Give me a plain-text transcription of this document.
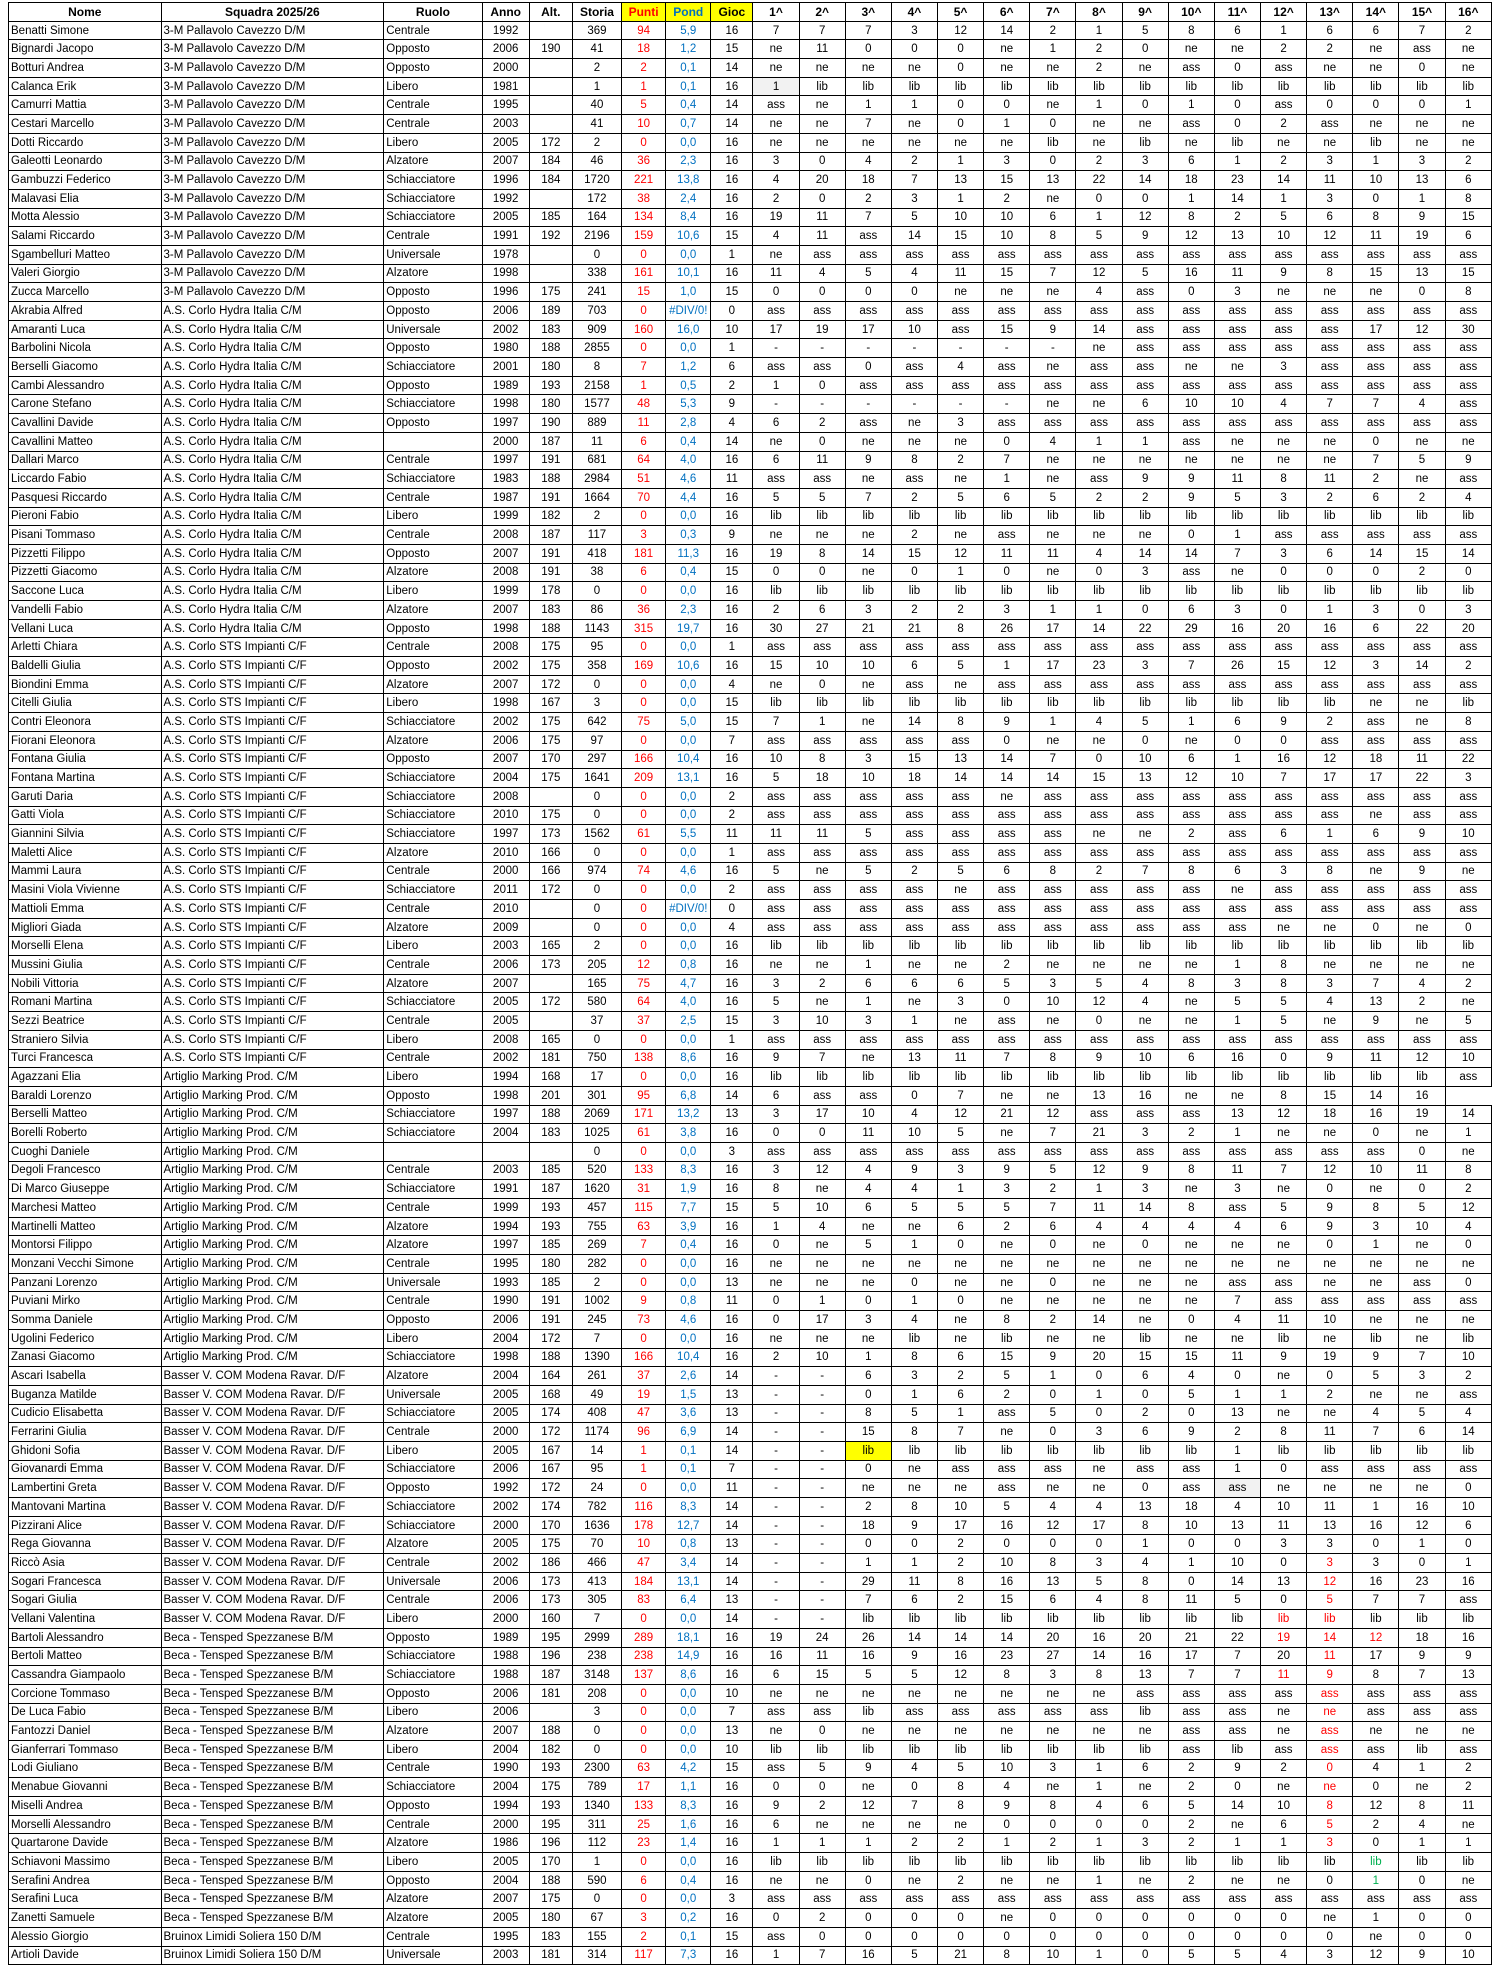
Nome	Squadra 2025/26	Ruolo	Anno	Alt.	Storia	Punti	Pond	Gioc	1^	2^	3^	4^	5^	6^	7^	8^	9^	10^	11^	12^	13^	14^	15^	16^
Benatti Simone	3-M Pallavolo Cavezzo D/M	Centrale	1992		369	94	5,9	16	7	7	7	3	12	14	2	1	5	8	6	1	6	6	7	2
Bignardi Jacopo	3-M Pallavolo Cavezzo D/M	Opposto	2006	190	41	18	1,2	15	ne	11	0	0	0	ne	1	2	0	ne	ne	2	2	ne	ass	ne
Botturi Andrea	3-M Pallavolo Cavezzo D/M	Opposto	2000		2	2	0,1	14	ne	ne	ne	ne	0	ne	ne	2	ne	ass	0	ass	ne	ne	0	ne
Calanca Erik	3-M Pallavolo Cavezzo D/M	Libero	1981		1	1	0,1	16	1	lib	lib	lib	lib	lib	lib	lib	lib	lib	lib	lib	lib	lib	lib	lib
Camurri Mattia	3-M Pallavolo Cavezzo D/M	Centrale	1995		40	5	0,4	14	ass	ne	1	1	0	0	ne	1	0	1	0	ass	0	0	0	1
Cestari Marcello	3-M Pallavolo Cavezzo D/M	Centrale	2003		41	10	0,7	14	ne	ne	7	ne	0	1	0	ne	ne	ass	0	2	ass	ne	ne	ne
Dotti Riccardo	3-M Pallavolo Cavezzo D/M	Libero	2005	172	2	0	0,0	16	ne	ne	ne	ne	ne	ne	lib	ne	lib	ne	lib	ne	ne	lib	ne	ne
Galeotti Leonardo	3-M Pallavolo Cavezzo D/M	Alzatore	2007	184	46	36	2,3	16	3	0	4	2	1	3	0	2	3	6	1	2	3	1	3	2
Gambuzzi Federico	3-M Pallavolo Cavezzo D/M	Schiacciatore	1996	184	1720	221	13,8	16	4	20	18	7	13	15	13	22	14	18	23	14	11	10	13	6
Malavasi Elia	3-M Pallavolo Cavezzo D/M	Schiacciatore	1992		172	38	2,4	16	2	0	2	3	1	2	ne	0	0	1	14	1	3	0	1	8
Motta Alessio	3-M Pallavolo Cavezzo D/M	Schiacciatore	2005	185	164	134	8,4	16	19	11	7	5	10	10	6	1	12	8	2	5	6	8	9	15
Salami Riccardo	3-M Pallavolo Cavezzo D/M	Centrale	1991	192	2196	159	10,6	15	4	11	ass	14	15	10	8	5	9	12	13	10	12	11	19	6
Sgambelluri Matteo	3-M Pallavolo Cavezzo D/M	Universale	1978		0	0	0,0	1	ne	ass	ass	ass	ass	ass	ass	ass	ass	ass	ass	ass	ass	ass	ass	ass
Valeri Giorgio	3-M Pallavolo Cavezzo D/M	Alzatore	1998		338	161	10,1	16	11	4	5	4	11	15	7	12	5	16	11	9	8	15	13	15
Zucca Marcello	3-M Pallavolo Cavezzo D/M	Opposto	1996	175	241	15	1,0	15	0	0	0	0	ne	ne	ne	4	ass	0	3	ne	ne	ne	0	8
Akrabia Alfred	A.S. Corlo Hydra Italia C/M	Opposto	2006	189	703	0	#DIV/0!	0	ass	ass	ass	ass	ass	ass	ass	ass	ass	ass	ass	ass	ass	ass	ass	ass
Amaranti Luca	A.S. Corlo Hydra Italia C/M	Universale	2002	183	909	160	16,0	10	17	19	17	10	ass	15	9	14	ass	ass	ass	ass	ass	17	12	30
Barbolini Nicola	A.S. Corlo Hydra Italia C/M	Opposto	1980	188	2855	0	0,0	1	-	-	-	-	-	-	-	ne	ass	ass	ass	ass	ass	ass	ass	ass
Berselli Giacomo	A.S. Corlo Hydra Italia C/M	Schiacciatore	2001	180	8	7	1,2	6	ass	ass	0	ass	4	ass	ne	ass	ass	ne	ne	3	ass	ass	ass	ass
Cambi Alessandro	A.S. Corlo Hydra Italia C/M	Opposto	1989	193	2158	1	0,5	2	1	0	ass	ass	ass	ass	ass	ass	ass	ass	ass	ass	ass	ass	ass	ass
Carone Stefano	A.S. Corlo Hydra Italia C/M	Schiacciatore	1998	180	1577	48	5,3	9	-	-	-	-	-	-	ne	ne	6	10	10	4	7	7	4	ass
Cavallini Davide	A.S. Corlo Hydra Italia C/M	Opposto	1997	190	889	11	2,8	4	6	2	ass	ne	3	ass	ass	ass	ass	ass	ass	ass	ass	ass	ass	ass
Cavallini Matteo	A.S. Corlo Hydra Italia C/M		2000	187	11	6	0,4	14	ne	0	ne	ne	ne	0	4	1	1	ass	ne	ne	ne	0	ne	ne
Dallari Marco	A.S. Corlo Hydra Italia C/M	Centrale	1997	191	681	64	4,0	16	6	11	9	8	2	7	ne	ne	ne	ne	ne	ne	ne	7	5	9
Liccardo Fabio	A.S. Corlo Hydra Italia C/M	Schiacciatore	1983	188	2984	51	4,6	11	ass	ass	ne	ass	ne	1	ne	ass	9	9	11	8	11	2	ne	ass
Pasquesi Riccardo	A.S. Corlo Hydra Italia C/M	Centrale	1987	191	1664	70	4,4	16	5	5	7	2	5	6	5	2	2	9	5	3	2	6	2	4
Pieroni Fabio	A.S. Corlo Hydra Italia C/M	Libero	1999	182	2	0	0,0	16	lib	lib	lib	lib	lib	lib	lib	lib	lib	lib	lib	lib	lib	lib	lib	lib
Pisani Tommaso	A.S. Corlo Hydra Italia C/M	Centrale	2008	187	117	3	0,3	9	ne	ne	ne	2	ne	ass	ne	ne	ne	0	1	ass	ass	ass	ass	ass
Pizzetti Filippo	A.S. Corlo Hydra Italia C/M	Opposto	2007	191	418	181	11,3	16	19	8	14	15	12	11	11	4	14	14	7	3	6	14	15	14
Pizzetti Giacomo	A.S. Corlo Hydra Italia C/M	Alzatore	2008	191	38	6	0,4	15	0	0	ne	0	1	0	ne	0	3	ass	ne	0	0	0	2	0
Saccone Luca	A.S. Corlo Hydra Italia C/M	Libero	1999	178	0	0	0,0	16	lib	lib	lib	lib	lib	lib	lib	lib	lib	lib	lib	lib	lib	lib	lib	lib
Vandelli Fabio	A.S. Corlo Hydra Italia C/M	Alzatore	2007	183	86	36	2,3	16	2	6	3	2	2	3	1	1	0	6	3	0	1	3	0	3
Vellani Luca	A.S. Corlo Hydra Italia C/M	Opposto	1998	188	1143	315	19,7	16	30	27	21	21	8	26	17	14	22	29	16	20	16	6	22	20
Arletti Chiara	A.S. Corlo STS Impianti C/F	Centrale	2008	175	95	0	0,0	1	ass	ass	ass	ass	ass	ass	ass	ass	ass	ass	ass	ass	ass	ass	ass	ass
Baldelli Giulia	A.S. Corlo STS Impianti C/F	Opposto	2002	175	358	169	10,6	16	15	10	10	6	5	1	17	23	3	7	26	15	12	3	14	2
Biondini Emma	A.S. Corlo STS Impianti C/F	Alzatore	2007	172	0	0	0,0	4	ne	0	ne	ass	ne	ass	ass	ass	ass	ass	ass	ass	ass	ass	ass	ass
Citelli Giulia	A.S. Corlo STS Impianti C/F	Libero	1998	167	3	0	0,0	15	lib	lib	lib	lib	lib	lib	lib	lib	lib	lib	lib	lib	lib	ne	ne	lib
Contri Eleonora	A.S. Corlo STS Impianti C/F	Schiacciatore	2002	175	642	75	5,0	15	7	1	ne	14	8	9	1	4	5	1	6	9	2	ass	ne	8
Fiorani Eleonora	A.S. Corlo STS Impianti C/F	Alzatore	2006	175	97	0	0,0	7	ass	ass	ass	ass	ass	0	ne	ne	0	ne	0	0	ass	ass	ass	ass
Fontana Giulia	A.S. Corlo STS Impianti C/F	Opposto	2007	170	297	166	10,4	16	10	8	3	15	13	14	7	0	10	6	1	16	12	18	11	22
Fontana Martina	A.S. Corlo STS Impianti C/F	Schiacciatore	2004	175	1641	209	13,1	16	5	18	10	18	14	14	14	15	13	12	10	7	17	17	22	3
Garuti Daria	A.S. Corlo STS Impianti C/F	Schiacciatore	2008		0	0	0,0	2	ass	ass	ass	ass	ass	ne	ass	ass	ass	ass	ass	ass	ass	ass	ass	ass
Gatti Viola	A.S. Corlo STS Impianti C/F	Schiacciatore	2010	175	0	0	0,0	2	ass	ass	ass	ass	ass	ass	ass	ass	ass	ass	ass	ass	ass	ne	ass	ass
Giannini Silvia	A.S. Corlo STS Impianti C/F	Schiacciatore	1997	173	1562	61	5,5	11	11	11	5	ass	ass	ass	ass	ne	ne	2	ass	6	1	6	9	10
Maletti Alice	A.S. Corlo STS Impianti C/F	Alzatore	2010	166	0	0	0,0	1	ass	ass	ass	ass	ass	ass	ass	ass	ass	ass	ass	ass	ass	ass	ass	ass
Mammi Laura	A.S. Corlo STS Impianti C/F	Centrale	2000	166	974	74	4,6	16	5	ne	5	2	5	6	8	2	7	8	6	3	8	ne	9	ne
Masini Viola Vivienne	A.S. Corlo STS Impianti C/F	Schiacciatore	2011	172	0	0	0,0	2	ass	ass	ass	ass	ne	ass	ass	ass	ass	ass	ne	ass	ass	ass	ass	ass
Mattioli Emma	A.S. Corlo STS Impianti C/F	Centrale	2010		0	0	#DIV/0!	0	ass	ass	ass	ass	ass	ass	ass	ass	ass	ass	ass	ass	ass	ass	ass	ass
Migliori Giada	A.S. Corlo STS Impianti C/F	Alzatore	2009		0	0	0,0	4	ass	ass	ass	ass	ass	ass	ass	ass	ass	ass	ass	ne	ne	0	ne	0
Morselli Elena	A.S. Corlo STS Impianti C/F	Libero	2003	165	2	0	0,0	16	lib	lib	lib	lib	lib	lib	lib	lib	lib	lib	lib	lib	lib	lib	lib	lib
Mussini Giulia	A.S. Corlo STS Impianti C/F	Centrale	2006	173	205	12	0,8	16	ne	ne	1	ne	ne	2	ne	ne	ne	ne	1	8	ne	ne	ne	ne
Nobili Vittoria	A.S. Corlo STS Impianti C/F	Alzatore	2007		165	75	4,7	16	3	2	6	6	6	5	3	5	4	8	3	8	3	7	4	2
Romani Martina	A.S. Corlo STS Impianti C/F	Schiacciatore	2005	172	580	64	4,0	16	5	ne	1	ne	3	0	10	12	4	ne	5	5	4	13	2	ne
Sezzi Beatrice	A.S. Corlo STS Impianti C/F	Centrale	2005		37	37	2,5	15	3	10	3	1	ne	ass	ne	0	ne	ne	1	5	ne	9	ne	5
Straniero Silvia	A.S. Corlo STS Impianti C/F	Libero	2008	165	0	0	0,0	1	ass	ass	ass	ass	ass	ass	ass	ass	ass	ass	ass	ass	ass	ass	ass	ass
Turci Francesca	A.S. Corlo STS Impianti C/F	Centrale	2002	181	750	138	8,6	16	9	7	ne	13	11	7	8	9	10	6	16	0	9	11	12	10
Agazzani Elia	Artiglio Marking Prod. C/M	Libero	1994	168	17	0	0,0	16	lib	lib	lib	lib	lib	lib	lib	lib	lib	lib	lib	lib	lib	lib	lib	ass
Baraldi Lorenzo	Artiglio Marking Prod. C/M	Opposto	1998	201	301	95	6,8	14	6	ass	ass	0	7	ne	ne	13	16	ne	ne	8	15	14	16	
Berselli Matteo	Artiglio Marking Prod. C/M	Schiacciatore	1997	188	2069	171	13,2	13	3	17	10	4	12	21	12	ass	ass	ass	13	12	18	16	19	14
Borelli Roberto	Artiglio Marking Prod. C/M	Schiacciatore	2004	183	1025	61	3,8	16	0	0	11	10	5	ne	7	21	3	2	1	ne	ne	0	ne	1
Cuoghi Daniele	Artiglio Marking Prod. C/M				0	0	0,0	3	ass	ass	ass	ass	ass	ass	ass	ass	ass	ass	ass	ass	ass	ass	0	ne
Degoli Francesco	Artiglio Marking Prod. C/M	Centrale	2003	185	520	133	8,3	16	3	12	4	9	3	9	5	12	9	8	11	7	12	10	11	8
Di Marco Giuseppe	Artiglio Marking Prod. C/M	Schiacciatore	1991	187	1620	31	1,9	16	8	ne	4	4	1	3	2	1	3	ne	3	ne	0	ne	0	2
Marchesi Matteo	Artiglio Marking Prod. C/M	Centrale	1999	193	457	115	7,7	15	5	10	6	5	5	5	7	11	14	8	ass	5	9	8	5	12
Martinelli Matteo	Artiglio Marking Prod. C/M	Alzatore	1994	193	755	63	3,9	16	1	4	ne	ne	6	2	6	4	4	4	4	6	9	3	10	4
Montorsi Filippo	Artiglio Marking Prod. C/M	Alzatore	1997	185	269	7	0,4	16	0	ne	5	1	0	ne	0	ne	0	ne	ne	ne	0	1	ne	0
Monzani Vecchi Simone	Artiglio Marking Prod. C/M	Centrale	1995	180	282	0	0,0	16	ne	ne	ne	ne	ne	ne	ne	ne	ne	ne	ne	ne	ne	ne	ne	ne
Panzani Lorenzo	Artiglio Marking Prod. C/M	Universale	1993	185	2	0	0,0	13	ne	ne	ne	0	ne	ne	0	ne	ne	ne	ass	ass	ne	ne	ass	0
Puviani Mirko	Artiglio Marking Prod. C/M	Centrale	1990	191	1002	9	0,8	11	0	1	0	1	0	ne	ne	ne	ne	ne	7	ass	ass	ass	ass	ass
Somma Daniele	Artiglio Marking Prod. C/M	Opposto	2006	191	245	73	4,6	16	0	17	3	4	ne	8	2	14	ne	0	4	11	10	ne	ne	ne
Ugolini Federico	Artiglio Marking Prod. C/M	Libero	2004	172	7	0	0,0	16	ne	ne	ne	lib	ne	lib	ne	ne	lib	ne	ne	lib	ne	lib	ne	lib
Zanasi Giacomo	Artiglio Marking Prod. C/M	Schiacciatore	1998	188	1390	166	10,4	16	2	10	1	8	6	15	9	20	15	15	11	9	19	9	7	10
Ascari Isabella	Basser V. COM Modena Ravar. D/F	Alzatore	2004	164	261	37	2,6	14	-	-	6	3	2	5	1	0	6	4	0	ne	0	5	3	2
Buganza Matilde	Basser V. COM Modena Ravar. D/F	Universale	2005	168	49	19	1,5	13	-	-	0	1	6	2	0	1	0	5	1	1	2	ne	ne	ass
Cudicio Elisabetta	Basser V. COM Modena Ravar. D/F	Schiacciatore	2005	174	408	47	3,6	13	-	-	8	5	1	ass	5	0	2	0	13	ne	ne	4	5	4
Ferrarini Giulia	Basser V. COM Modena Ravar. D/F	Centrale	2000	172	1174	96	6,9	14	-	-	15	8	7	ne	0	3	6	9	2	8	11	7	6	14
Ghidoni Sofia	Basser V. COM Modena Ravar. D/F	Libero	2005	167	14	1	0,1	14	-	-	lib	lib	lib	lib	lib	lib	lib	lib	1	lib	lib	lib	lib	lib
Giovanardi Emma	Basser V. COM Modena Ravar. D/F	Schiacciatore	2006	167	95	1	0,1	7	-	-	0	ne	ass	ass	ass	ne	ass	ass	1	0	ass	ass	ass	ass
Lambertini Greta	Basser V. COM Modena Ravar. D/F	Opposto	1992	172	24	0	0,0	11	-	-	ne	ne	ne	ass	ne	ne	0	ass	ass	ne	ne	ne	ne	0
Mantovani Martina	Basser V. COM Modena Ravar. D/F	Schiacciatore	2002	174	782	116	8,3	14	-	-	2	8	10	5	4	4	13	18	4	10	11	1	16	10
Pizzirani Alice	Basser V. COM Modena Ravar. D/F	Schiacciatore	2000	170	1636	178	12,7	14	-	-	18	9	17	16	12	17	8	10	13	11	13	16	12	6
Rega Giovanna	Basser V. COM Modena Ravar. D/F	Alzatore	2005	175	70	10	0,8	13	-	-	0	0	2	0	0	0	1	0	0	3	3	0	1	0
Riccò Asia	Basser V. COM Modena Ravar. D/F	Centrale	2002	186	466	47	3,4	14	-	-	1	1	2	10	8	3	4	1	10	0	3	3	0	1
Sogari Francesca	Basser V. COM Modena Ravar. D/F	Universale	2006	173	413	184	13,1	14	-	-	29	11	8	16	13	5	8	0	14	13	12	16	23	16
Sogari Giulia	Basser V. COM Modena Ravar. D/F	Centrale	2006	173	305	83	6,4	13	-	-	7	6	2	15	6	4	8	11	5	0	5	7	7	ass
Vellani Valentina	Basser V. COM Modena Ravar. D/F	Libero	2000	160	7	0	0,0	14	-	-	lib	lib	lib	lib	lib	lib	lib	lib	lib	lib	lib	lib	lib	lib
Bartoli Alessandro	Beca - Tensped Spezzanese B/M	Opposto	1989	195	2999	289	18,1	16	19	24	26	14	14	14	20	16	20	21	22	19	14	12	18	16
Bertoli Matteo	Beca - Tensped Spezzanese B/M	Schiacciatore	1988	196	238	238	14,9	16	16	11	16	9	16	23	27	14	16	17	7	20	11	17	9	9
Cassandra Giampaolo	Beca - Tensped Spezzanese B/M	Schiacciatore	1988	187	3148	137	8,6	16	6	15	5	5	12	8	3	8	13	7	7	11	9	8	7	13
Corcione Tommaso	Beca - Tensped Spezzanese B/M	Opposto	2006	181	208	0	0,0	10	ne	ne	ne	ne	ne	ne	ne	ne	ass	ass	ass	ass	ass	ass	ass	ass
De Luca Fabio	Beca - Tensped Spezzanese B/M	Libero	2006		3	0	0,0	7	ass	ass	lib	ass	ass	ass	ass	ass	lib	ass	ass	ne	ne	ass	ass	ass
Fantozzi Daniel	Beca - Tensped Spezzanese B/M	Alzatore	2007	188	0	0	0,0	13	ne	0	ne	ne	ne	ne	ne	ne	ne	ass	ass	ne	ass	ne	ne	ne
Gianferrari Tommaso	Beca - Tensped Spezzanese B/M	Libero	2004	182	0	0	0,0	10	lib	lib	lib	lib	lib	lib	lib	lib	lib	ass	lib	ass	ass	ass	lib	ass
Lodi Giuliano	Beca - Tensped Spezzanese B/M	Centrale	1990	193	2300	63	4,2	15	ass	5	9	4	5	10	3	1	6	2	9	2	0	4	1	2
Menabue Giovanni	Beca - Tensped Spezzanese B/M	Schiacciatore	2004	175	789	17	1,1	16	0	0	ne	0	8	4	ne	1	ne	2	0	ne	ne	0	ne	2
Miselli Andrea	Beca - Tensped Spezzanese B/M	Opposto	1994	193	1340	133	8,3	16	9	2	12	7	8	9	8	4	6	5	14	10	8	12	8	11
Morselli Alessandro	Beca - Tensped Spezzanese B/M	Centrale	2000	195	311	25	1,6	16	6	ne	ne	ne	ne	0	0	0	0	2	ne	6	5	2	4	ne
Quartarone Davide	Beca - Tensped Spezzanese B/M	Alzatore	1986	196	112	23	1,4	16	1	1	1	2	2	1	2	1	3	2	1	1	3	0	1	1
Schiavoni Massimo	Beca - Tensped Spezzanese B/M	Libero	2005	170	1	0	0,0	16	lib	lib	lib	lib	lib	lib	lib	lib	lib	lib	lib	lib	lib	lib	lib	lib
Serafini Andrea	Beca - Tensped Spezzanese B/M	Opposto	2004	188	590	6	0,4	16	ne	ne	0	ne	2	ne	ne	1	ne	2	ne	ne	0	1	0	ne
Serafini Luca	Beca - Tensped Spezzanese B/M	Alzatore	2007	175	0	0	0,0	3	ass	ass	ass	ass	ass	ass	ass	ass	ass	ass	ass	ass	ass	ass	ass	ass
Zanetti Samuele	Beca - Tensped Spezzanese B/M	Alzatore	2005	180	67	3	0,2	16	0	2	0	0	0	ne	0	0	0	0	0	0	ne	1	0	0
Alessio Giorgio	Bruinox Limidi Soliera 150 D/M	Centrale	1995	183	155	2	0,1	15	ass	0	0	0	0	0	0	0	0	0	0	0	0	ne	0	0
Artioli Davide	Bruinox Limidi Soliera 150 D/M	Universale	2003	181	314	117	7,3	16	1	7	16	5	21	8	10	1	0	5	5	4	3	12	9	10
